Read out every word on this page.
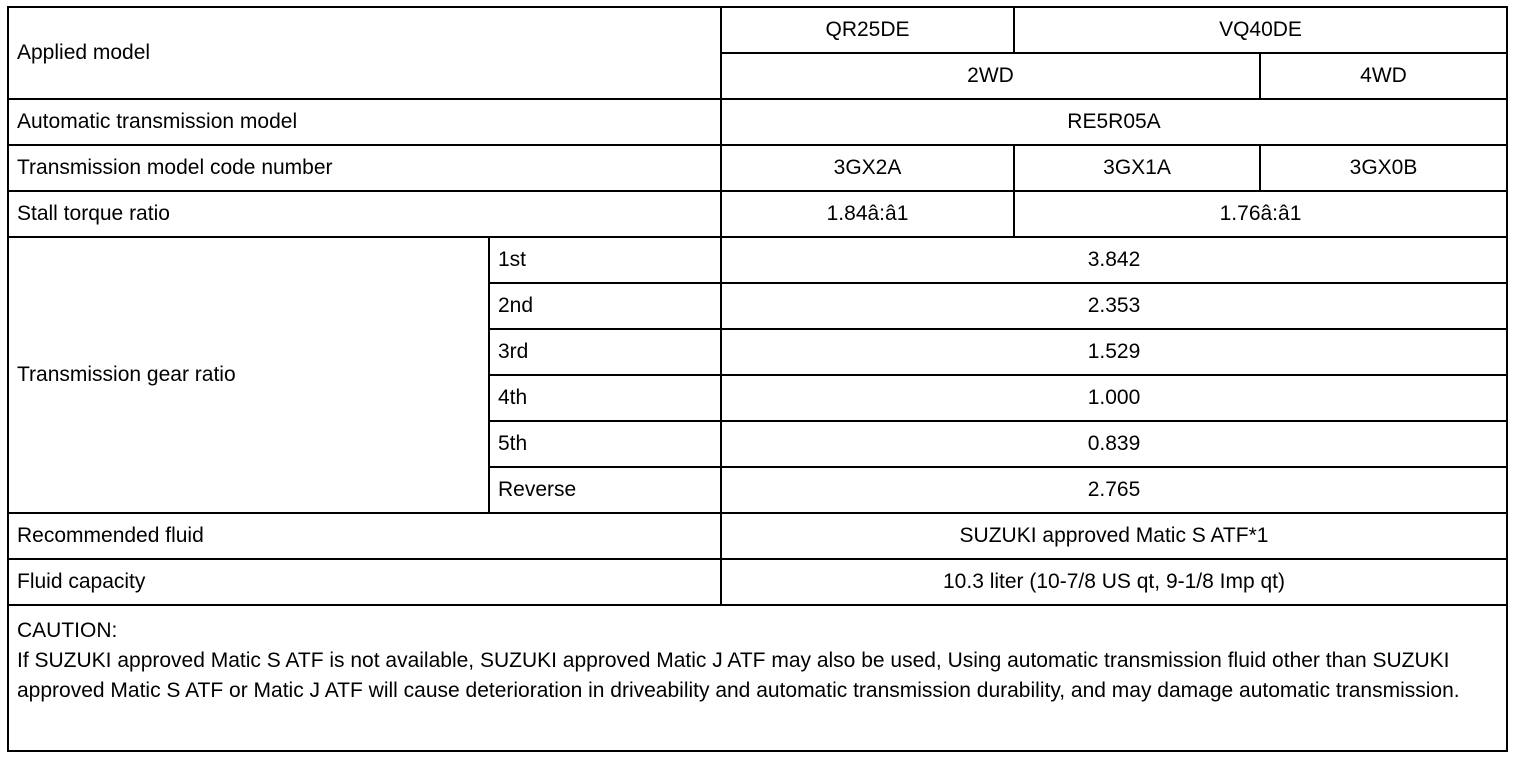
Applied model		QR25DE	VQ40DE	
		2WD		4WD
Automatic transmission model		RE5R05A		
Transmission model code number		3GX2A	3GX1A	3GX0B
Stall torque ratio		1.84â:â1	1.76â:â1	
Transmission gear ratio	1st	3.842		
	2nd	2.353		
	3rd	1.529		
	4th	1.000		
	5th	0.839		
	Reverse	2.765		
Recommended fluid		SUZUKI approved Matic S ATF*1		
Fluid capacity		10.3 liter (10-7/8 US qt, 9-1/8 Imp qt)		

CAUTION:
If SUZUKI approved Matic S ATF is not available, SUZUKI approved Matic J ATF may also be used, Using automatic transmission fluid other than SUZUKI approved Matic S ATF or Matic J ATF will cause deterioration in driveability and automatic transmission durability, and may damage automatic transmission.				
